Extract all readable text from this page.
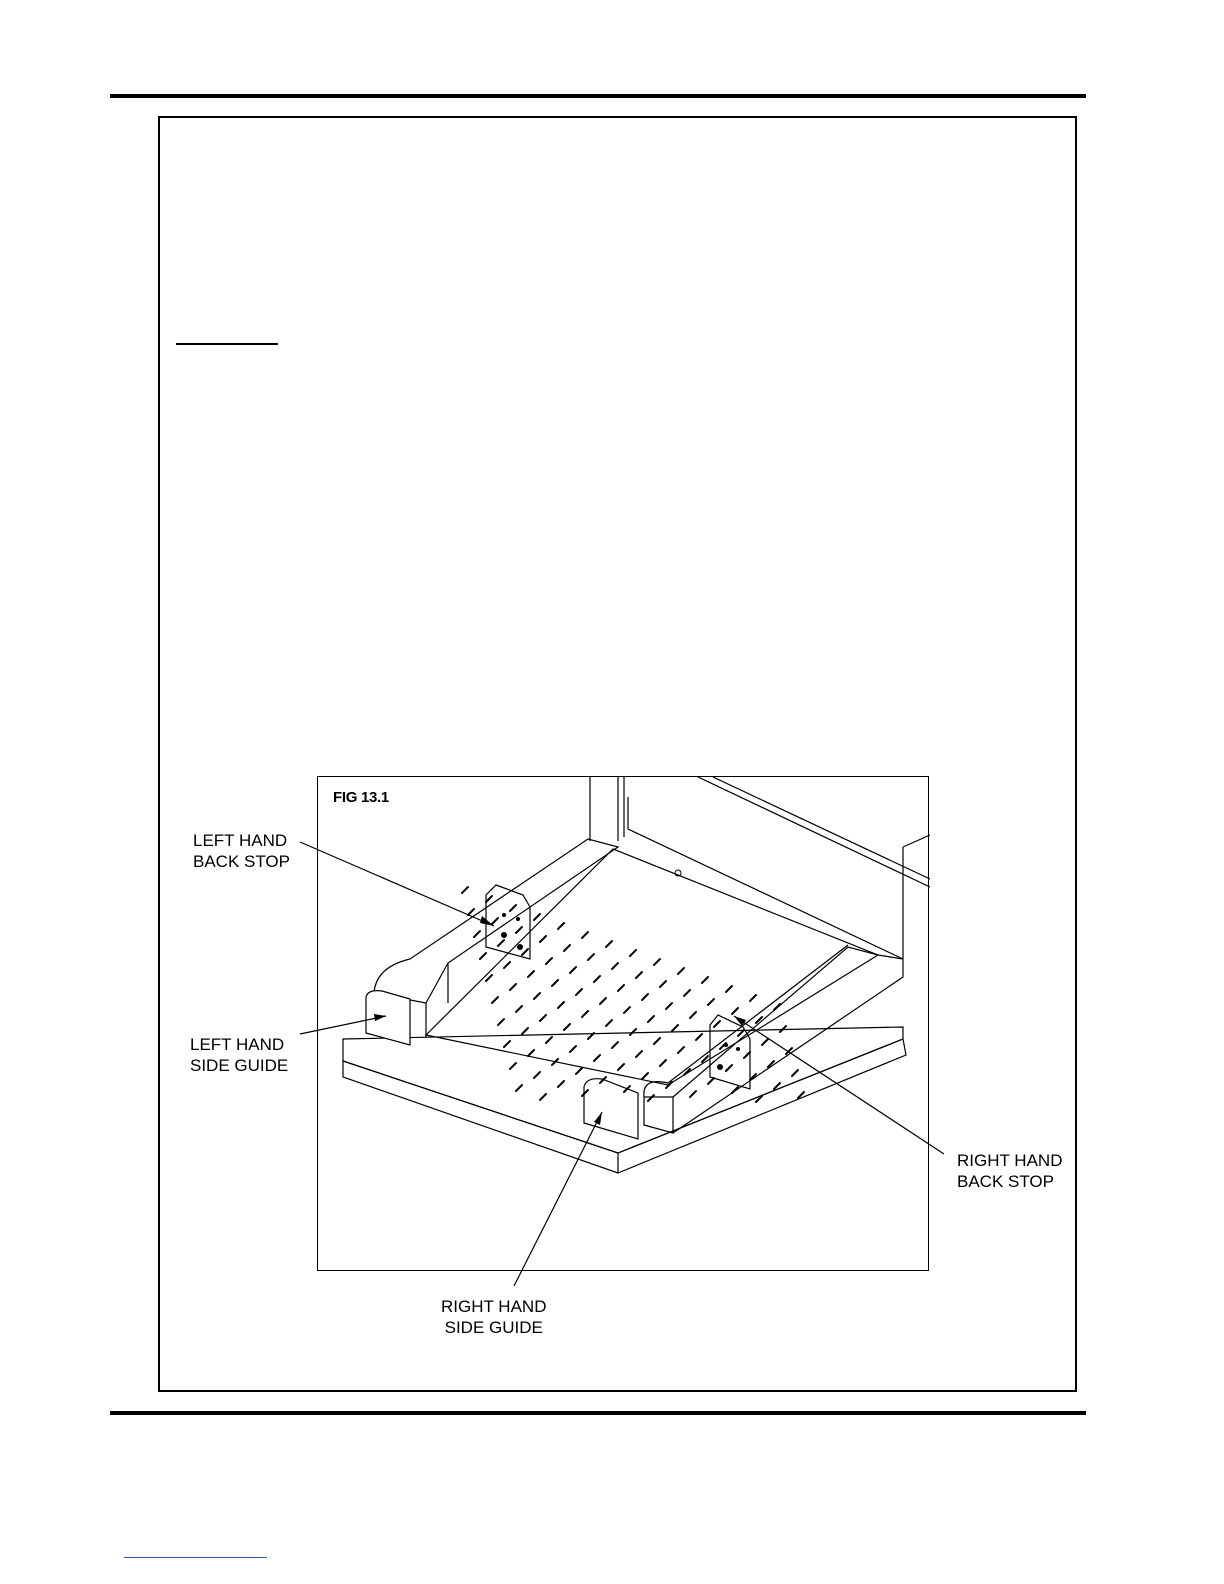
FIG 13.1
LEFT HAND
BACK STOP
LEFT HAND
SIDE GUIDE
RIGHT HAND
BACK STOP
RIGHT HAND
SIDE GUIDE
